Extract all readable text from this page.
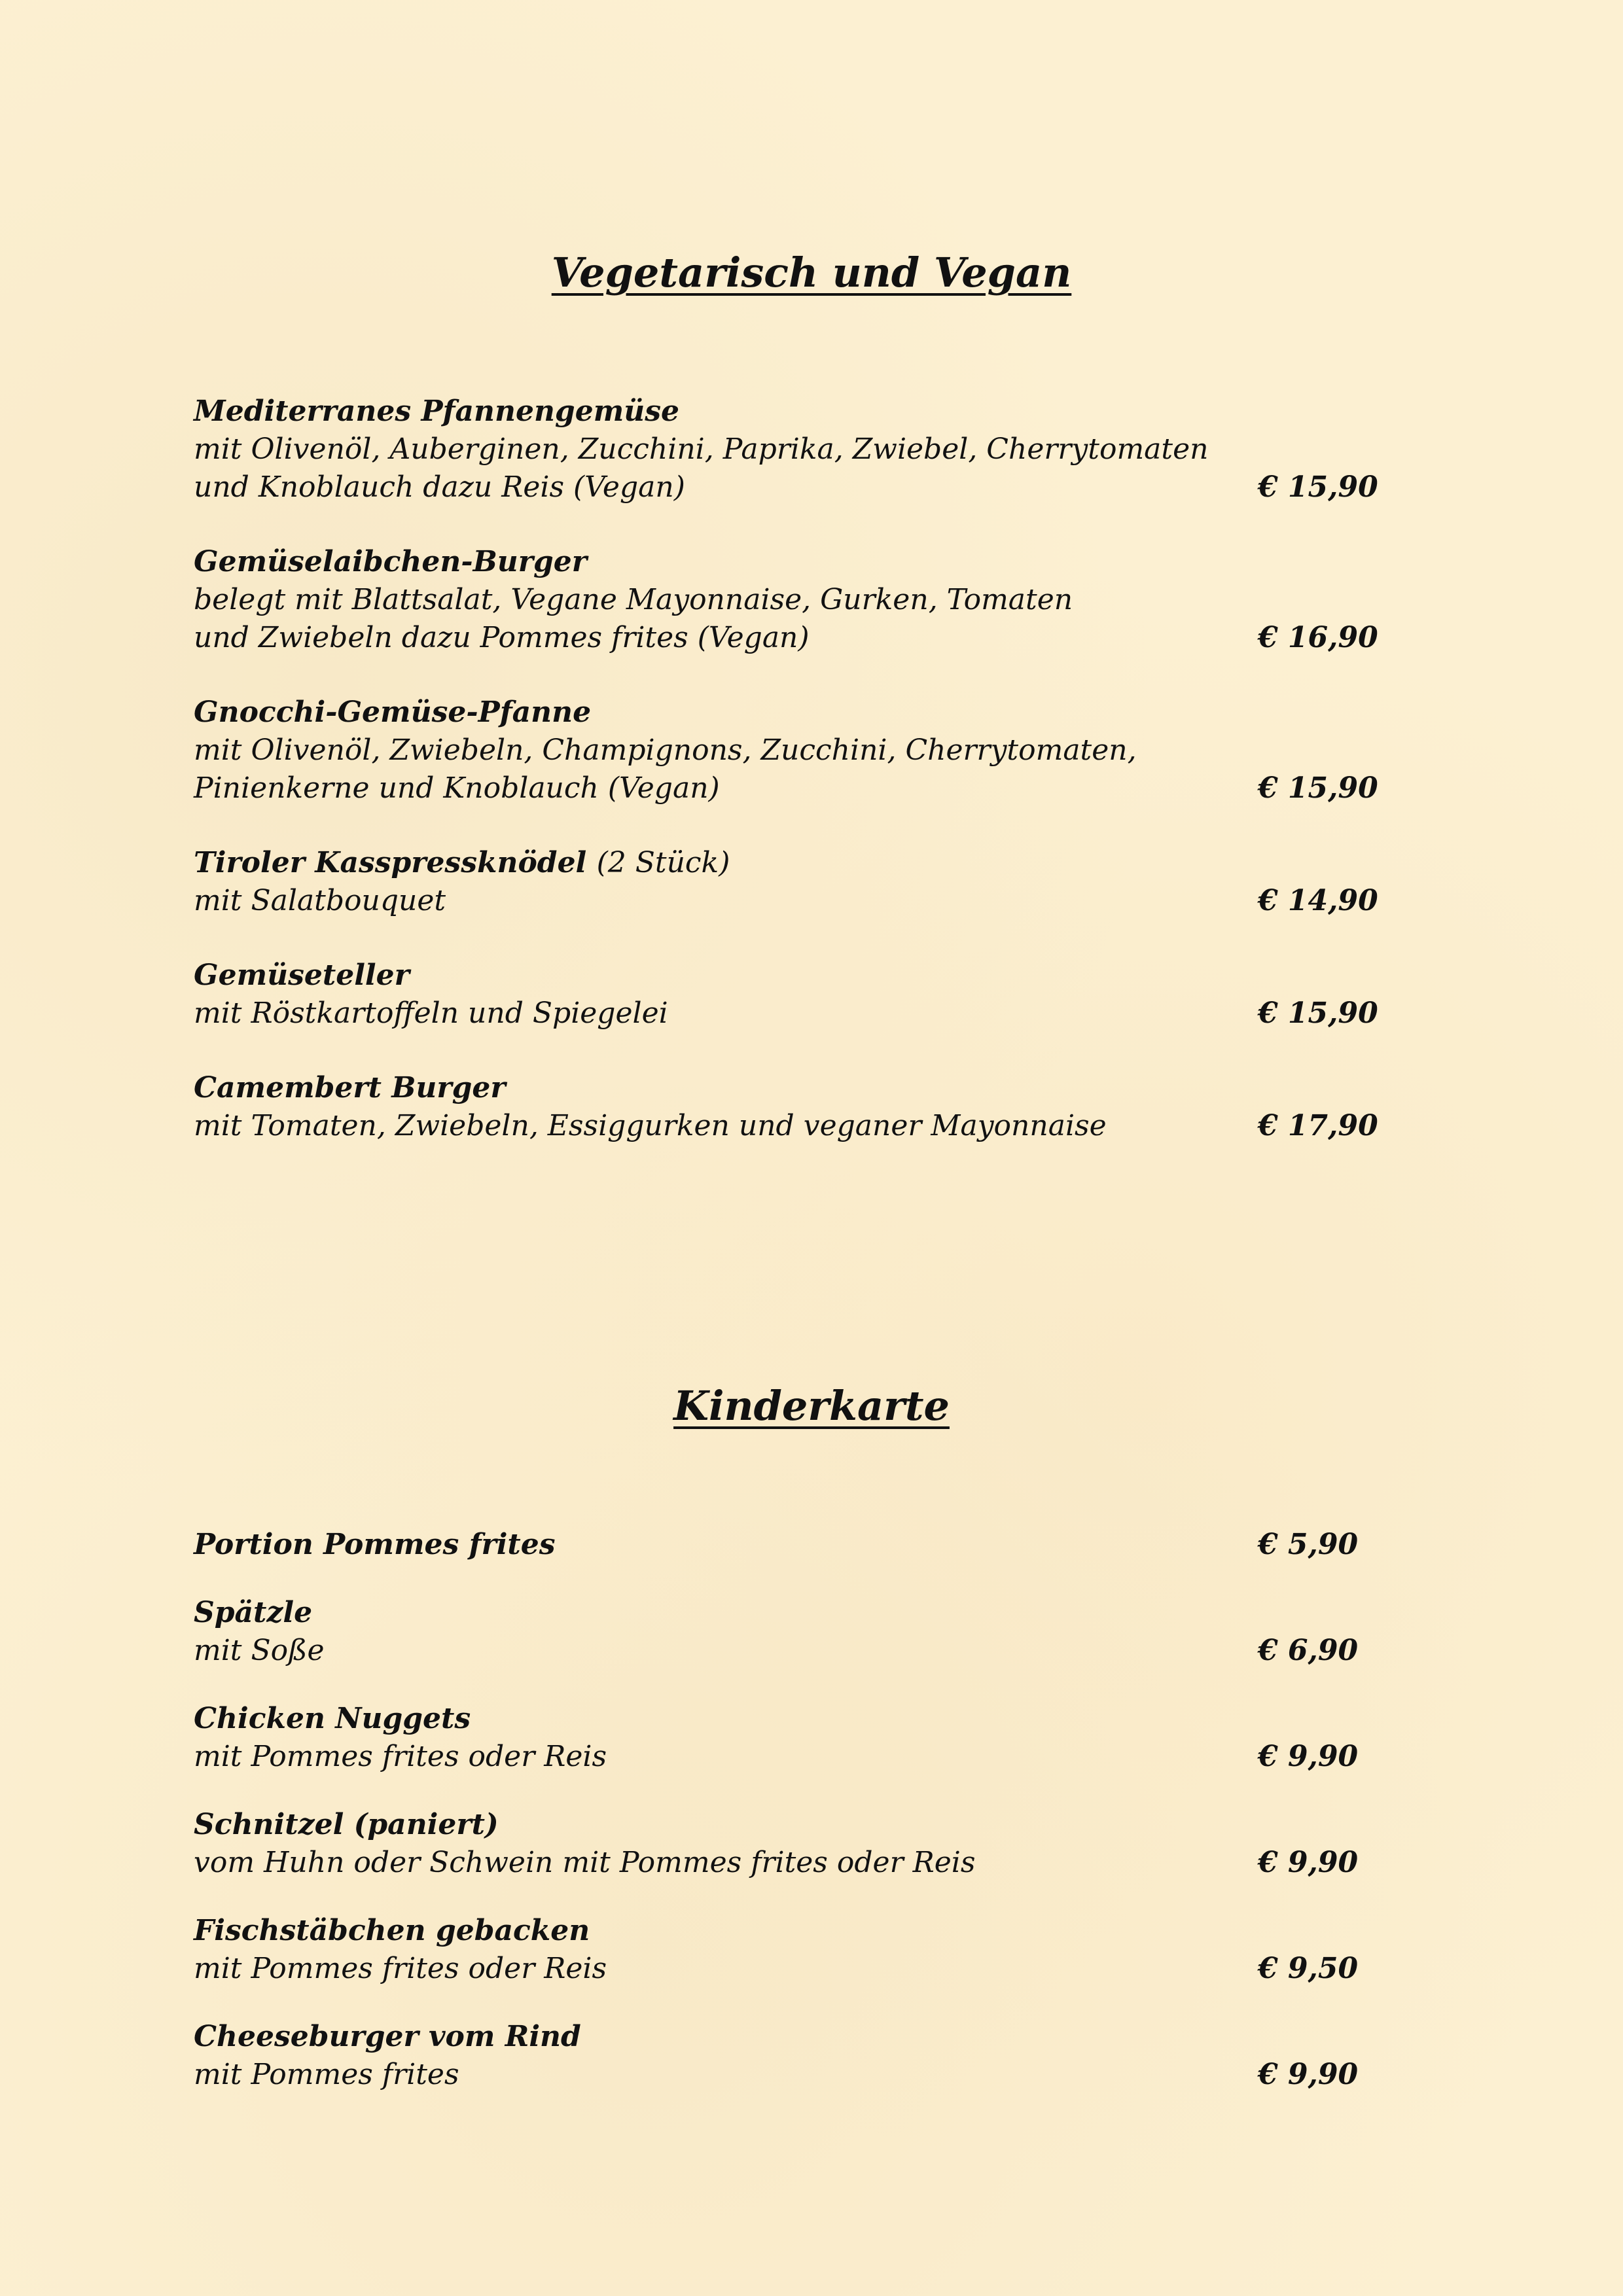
Vegetarisch und Vegan
Mediterranes Pfannengemüse
mit Olivenöl, Auberginen, Zucchini, Paprika, Zwiebel, Cherrytomaten
und Knoblauch dazu Reis (Vegan)	€ 15,90
Gemüselaibchen-Burger
belegt mit Blattsalat, Vegane Mayonnaise, Gurken, Tomaten
und Zwiebeln dazu Pommes frites (Vegan)	€ 16,90
Gnocchi-Gemüse-Pfanne
mit Olivenöl, Zwiebeln, Champignons, Zucchini, Cherrytomaten,
Pinienkerne und Knoblauch (Vegan)	€ 15,90
Tiroler Kasspressknödel (2 Stück)
mit Salatbouquet	€ 14,90
Gemüseteller
mit Röstkartoffeln und Spiegelei	€ 15,90
Camembert Burger
mit Tomaten, Zwiebeln, Essiggurken und veganer Mayonnaise	€ 17,90
Kinderkarte
Portion Pommes frites	€ 5,90
Spätzle
mit Soße	€ 6,90
Chicken Nuggets
mit Pommes frites oder Reis	€ 9,90
Schnitzel (paniert)
vom Huhn oder Schwein mit Pommes frites oder Reis	€ 9,90
Fischstäbchen gebacken
mit Pommes frites oder Reis	€ 9,50
Cheeseburger vom Rind
mit Pommes frites	€ 9,90
